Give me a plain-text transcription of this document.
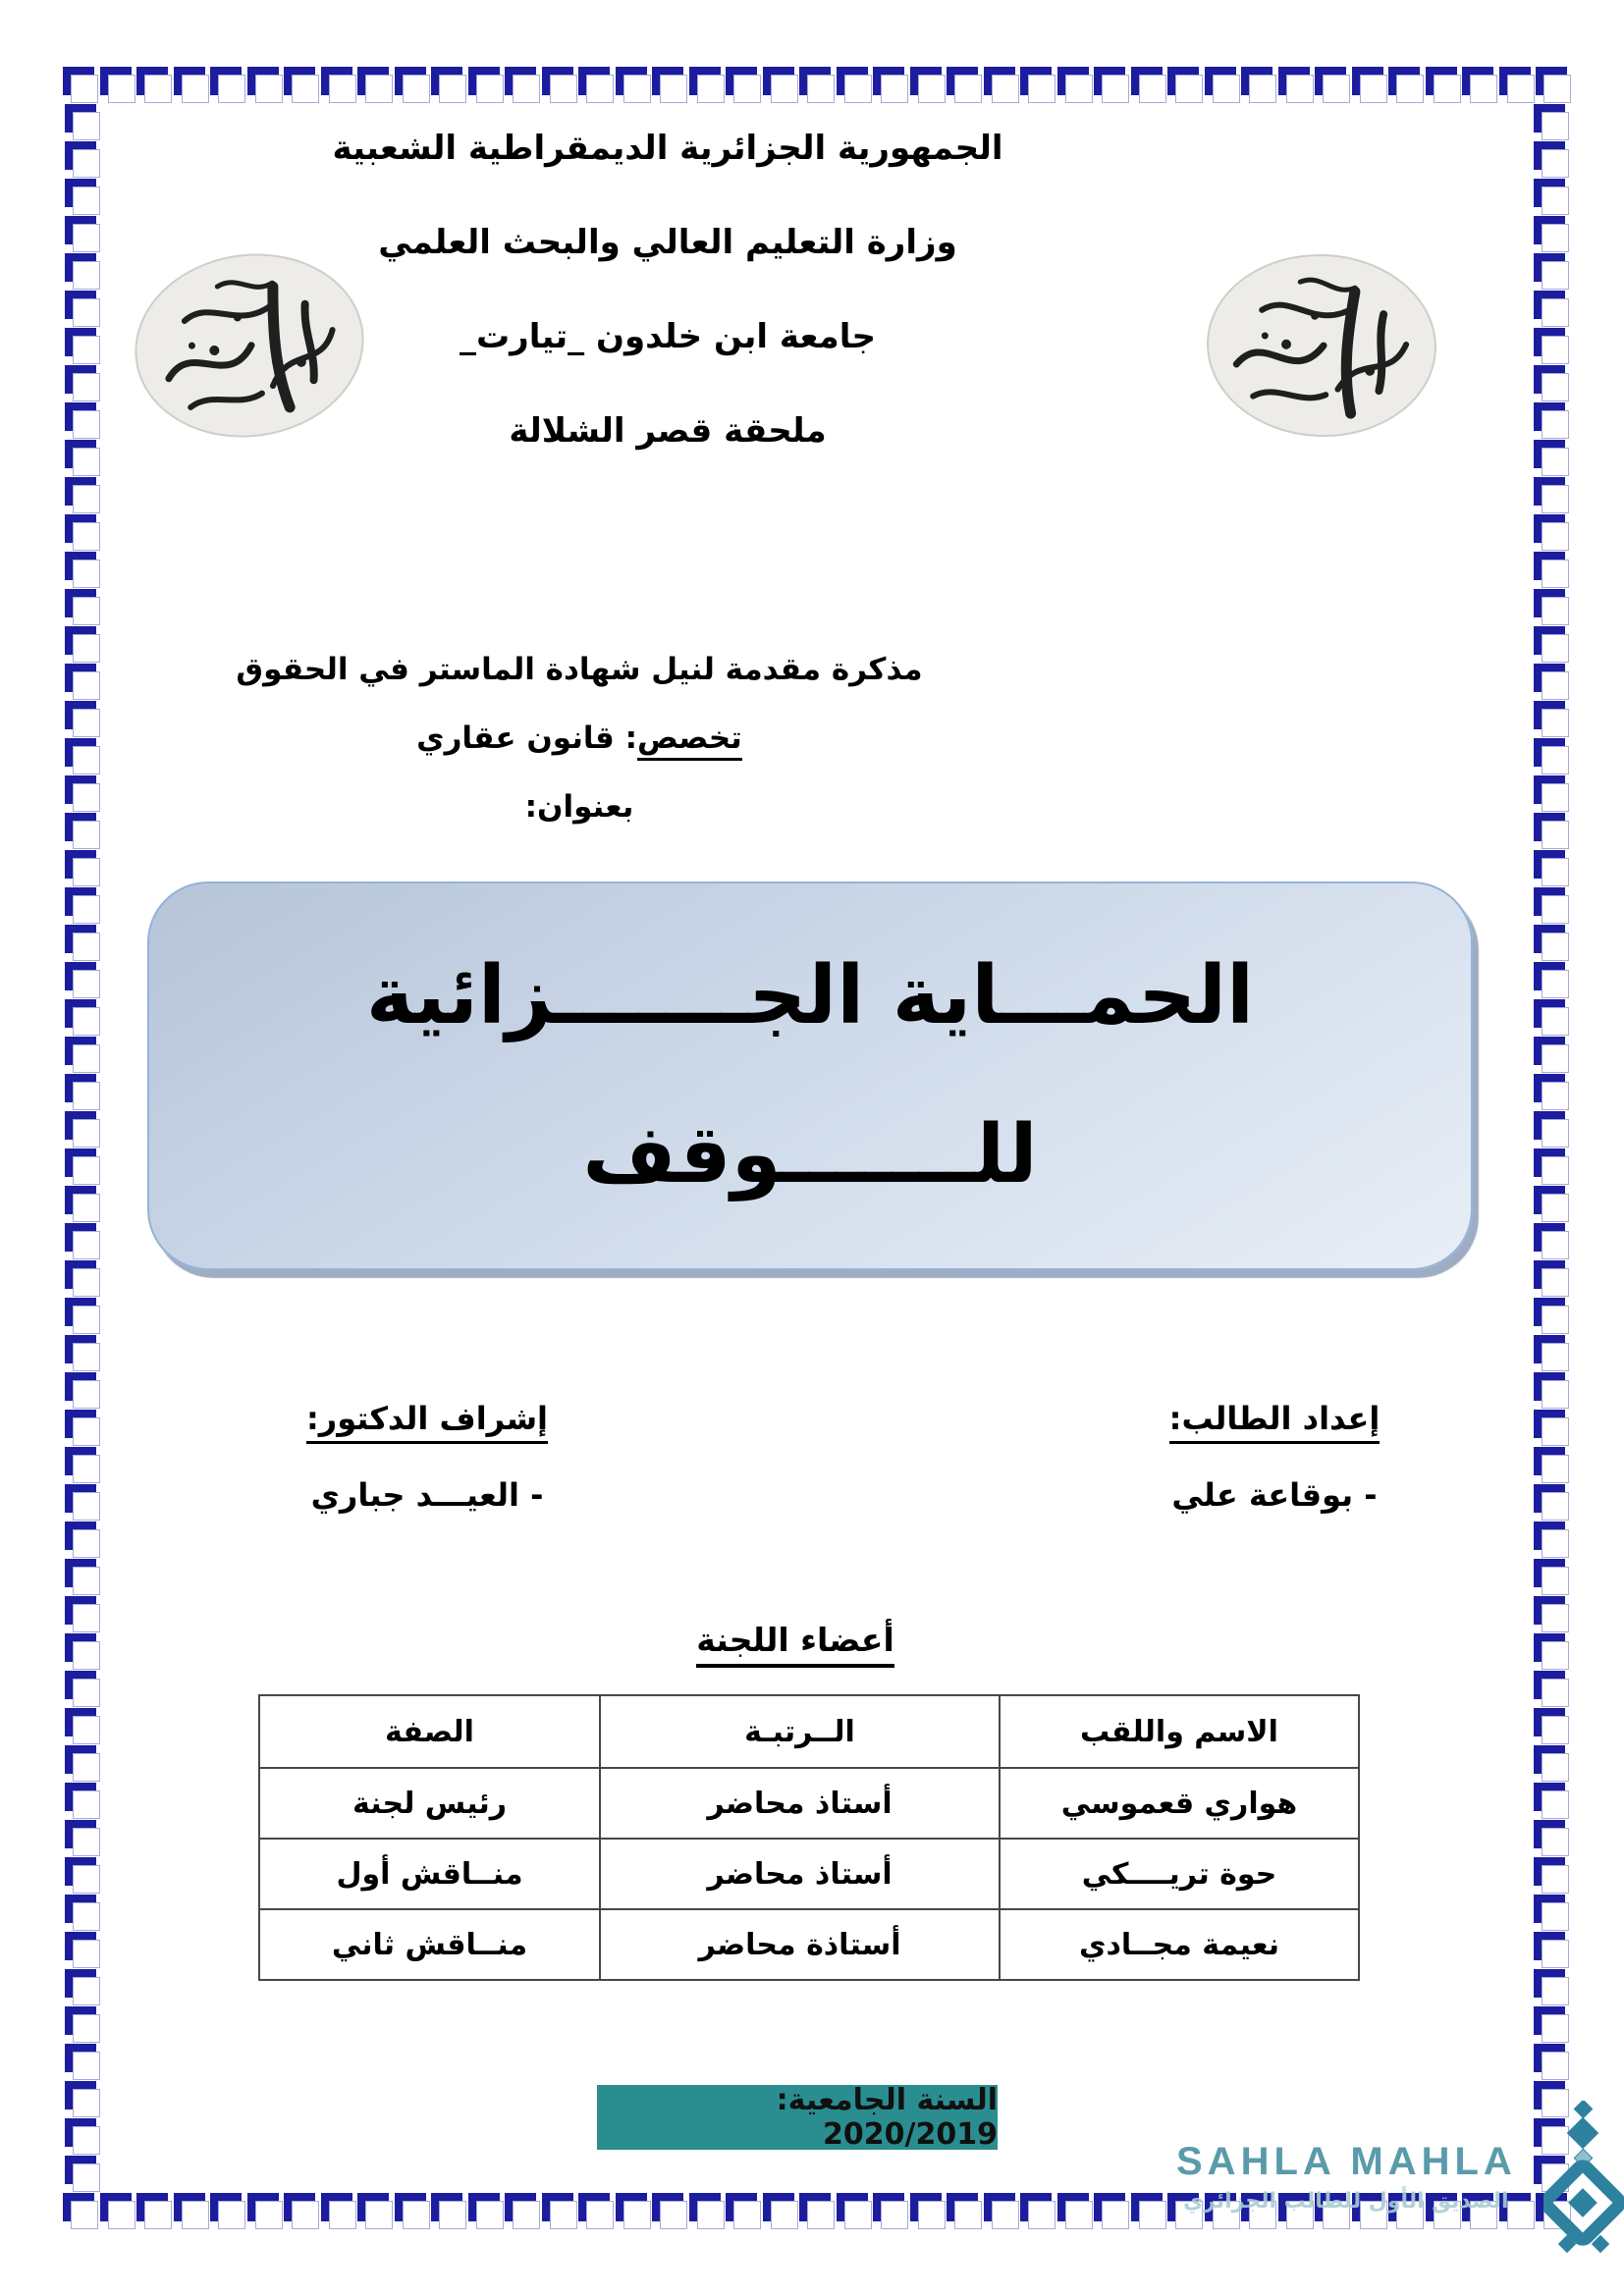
الجمهورية الجزائرية الديمقراطية الشعبية
وزارة التعليم العالي والبحث العلمي
جامعة ابن خلدون _تيارت_
ملحقة قصر الشلالة
مذكرة مقدمة لنيل شهادة الماستر في الحقوق
تخصص: قانون عقاري
بعنوان:
الحمـــاية الجـــــــزائية
للـــــــوقف
إعداد الطالب:
- بوقاعة علي
إشراف الدكتور:
- العيـــد جباري
أعضاء اللجنة
الاسم واللقب	الــرتبـة	الصفة
هواري قعموسي	أستاذ محاضر	رئيس لجنة
حوة تريــــكي	أستاذ محاضر	منــاقش أول
نعيمة مجــادي	أستاذة محاضر	منــاقش ثاني
السنة الجامعية: 2020/2019
SAHLA MAHLA
الصديق الأول للطالب الجزائري
